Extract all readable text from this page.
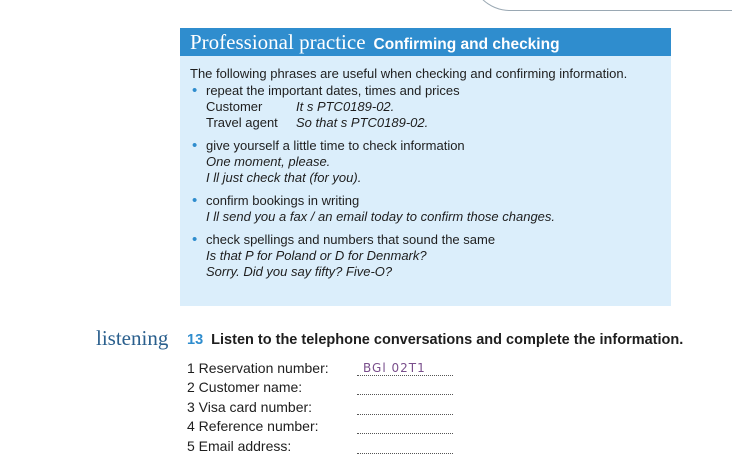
Professional practice Confirming and checking
The following phrases are useful when checking and confirming information.
• repeat the important dates, times and prices
Customer	It s PTC0189-02.
Travel agent	So that s PTC0189-02.
• give yourself a little time to check information
One moment, please.
I ll just check that (for you).
• confirm bookings in writing
I ll send you a fax / an email today to confirm those changes.
• check spellings and numbers that sound the same
Is that P for Poland or D for Denmark?
Sorry. Did you say fifty? Five-O?
listening 13 Listen to the telephone conversations and complete the information.
1 Reservation number:	BGl 02T1
2 Customer name:
3 Visa card number:
4 Reference number:
5 Email address:
